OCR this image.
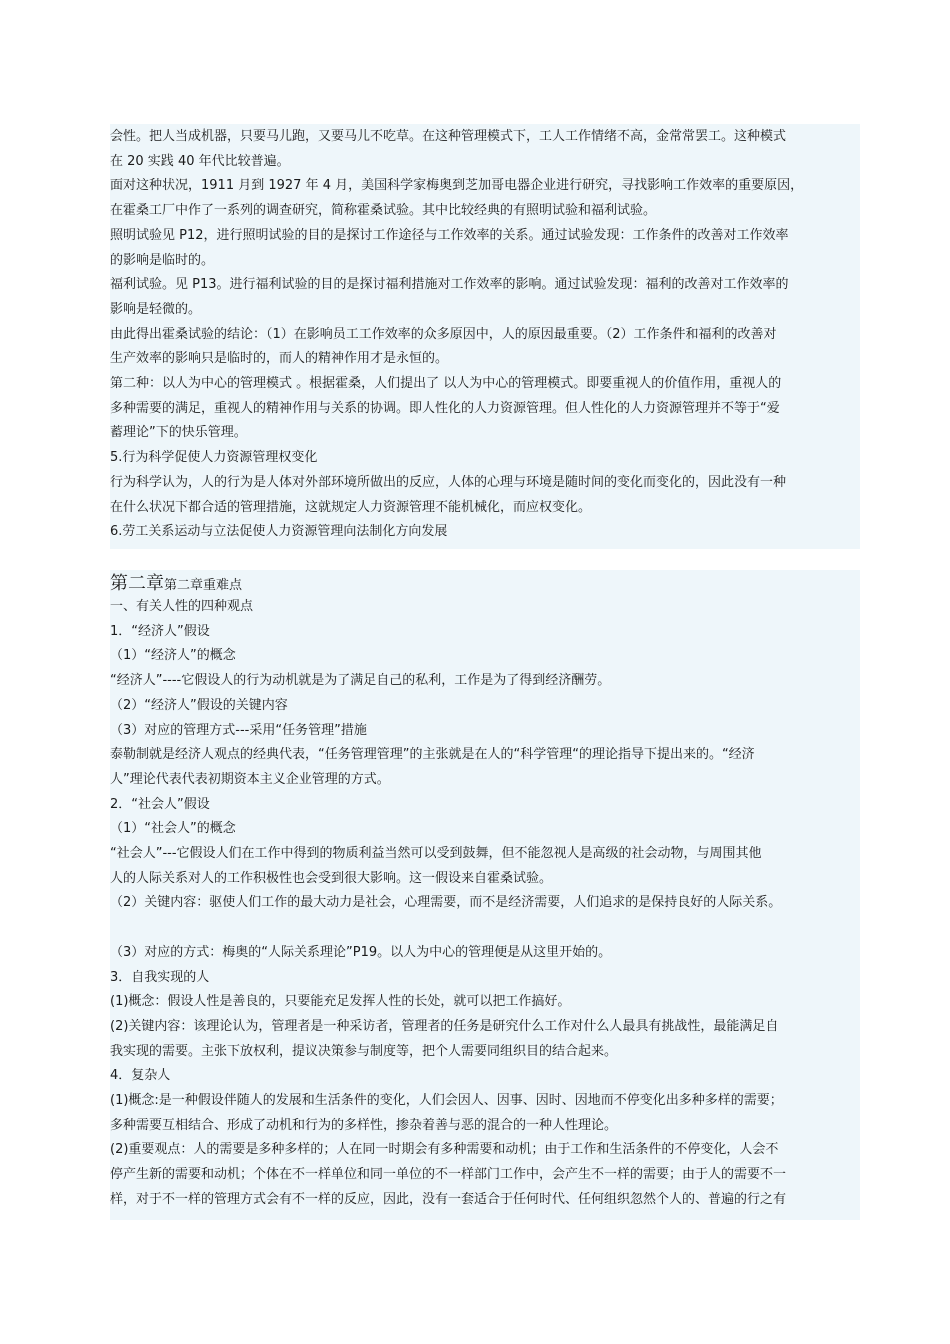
第二章第二章重难点
会性。把人当成机器，只要马儿跑，又要马儿不吃草。在这种管理模式下，工人工作情绪不高，金常常罢工。这种模式
在 20 实践 40 年代比较普遍。
面对这种状况，1911 月到 1927 年 4 月，美国科学家梅奥到芝加哥电器企业进行研究，寻找影响工作效率的重要原因，
在霍桑工厂中作了一系列的调查研究，简称霍桑试验。其中比较经典的有照明试验和福利试验。
照明试验见 P12，进行照明试验的目的是探讨工作途径与工作效率的关系。通过试验发现：工作条件的改善对工作效率
的影响是临时的。
福利试验。见 P13。进行福利试验的目的是探讨福利措施对工作效率的影响。通过试验发现：福利的改善对工作效率的
影响是轻微的。
由此得出霍桑试验的结论：（1）在影响员工工作效率的众多原因中，人的原因最重要。（2）工作条件和福利的改善对
生产效率的影响只是临时的，而人的精神作用才是永恒的。
第二种：以人为中心的管理模式 。根据霍桑，人们提出了 以人为中心的管理模式。即要重视人的价值作用，重视人的
多种需要的满足，重视人的精神作用与关系的协调。即人性化的人力资源管理。但人性化的人力资源管理并不等于“爱
蓄理论”下的快乐管理。
5.行为科学促使人力资源管理权变化
行为科学认为，人的行为是人体对外部环境所做出的反应，人体的心理与环境是随时间的变化而变化的，因此没有一种
在什么状况下都合适的管理措施，这就规定人力资源管理不能机械化，而应权变化。
6.劳工关系运动与立法促使人力资源管理向法制化方向发展
一、有关人性的四种观点
1．“经济人”假设
（1）“经济人”的概念
“经济人”----它假设人的行为动机就是为了满足自己的私利，工作是为了得到经济酬劳。
（2）“经济人”假设的关键内容
（3）对应的管理方式---采用“任务管理”措施
泰勒制就是经济人观点的经典代表，“任务管理管理”的主张就是在人的“科学管理“的理论指导下提出来的。“经济
人”理论代表代表初期资本主义企业管理的方式。
2．“社会人”假设
（1）“社会人”的概念
“社会人”---它假设人们在工作中得到的物质利益当然可以受到鼓舞，但不能忽视人是高级的社会动物，与周围其他
人的人际关系对人的工作积极性也会受到很大影响。这一假设来自霍桑试验。
（2）关键内容：驱使人们工作的最大动力是社会，心理需要，而不是经济需要，人们追求的是保持良好的人际关系。
（3）对应的方式：梅奥的“人际关系理论”P19。以人为中心的管理便是从这里开始的。
3．自我实现的人
(1)概念：假设人性是善良的，只要能充足发挥人性的长处，就可以把工作搞好。
(2)关键内容：该理论认为，管理者是一种采访者，管理者的任务是研究什么工作对什么人最具有挑战性，最能满足自
我实现的需要。主张下放权利，提议决策参与制度等，把个人需要同组织目的结合起来。
4．复杂人
(1)概念:是一种假设伴随人的发展和生活条件的变化，人们会因人、因事、因时、因地而不停变化出多种多样的需要；
多种需要互相结合、形成了动机和行为的多样性，掺杂着善与恶的混合的一种人性理论。
(2)重要观点：人的需要是多种多样的；人在同一时期会有多种需要和动机；由于工作和生活条件的不停变化，人会不
停产生新的需要和动机；个体在不一样单位和同一单位的不一样部门工作中，会产生不一样的需要；由于人的需要不一
样，对于不一样的管理方式会有不一样的反应，因此，没有一套适合于任何时代、任何组织忽然个人的、普遍的行之有
